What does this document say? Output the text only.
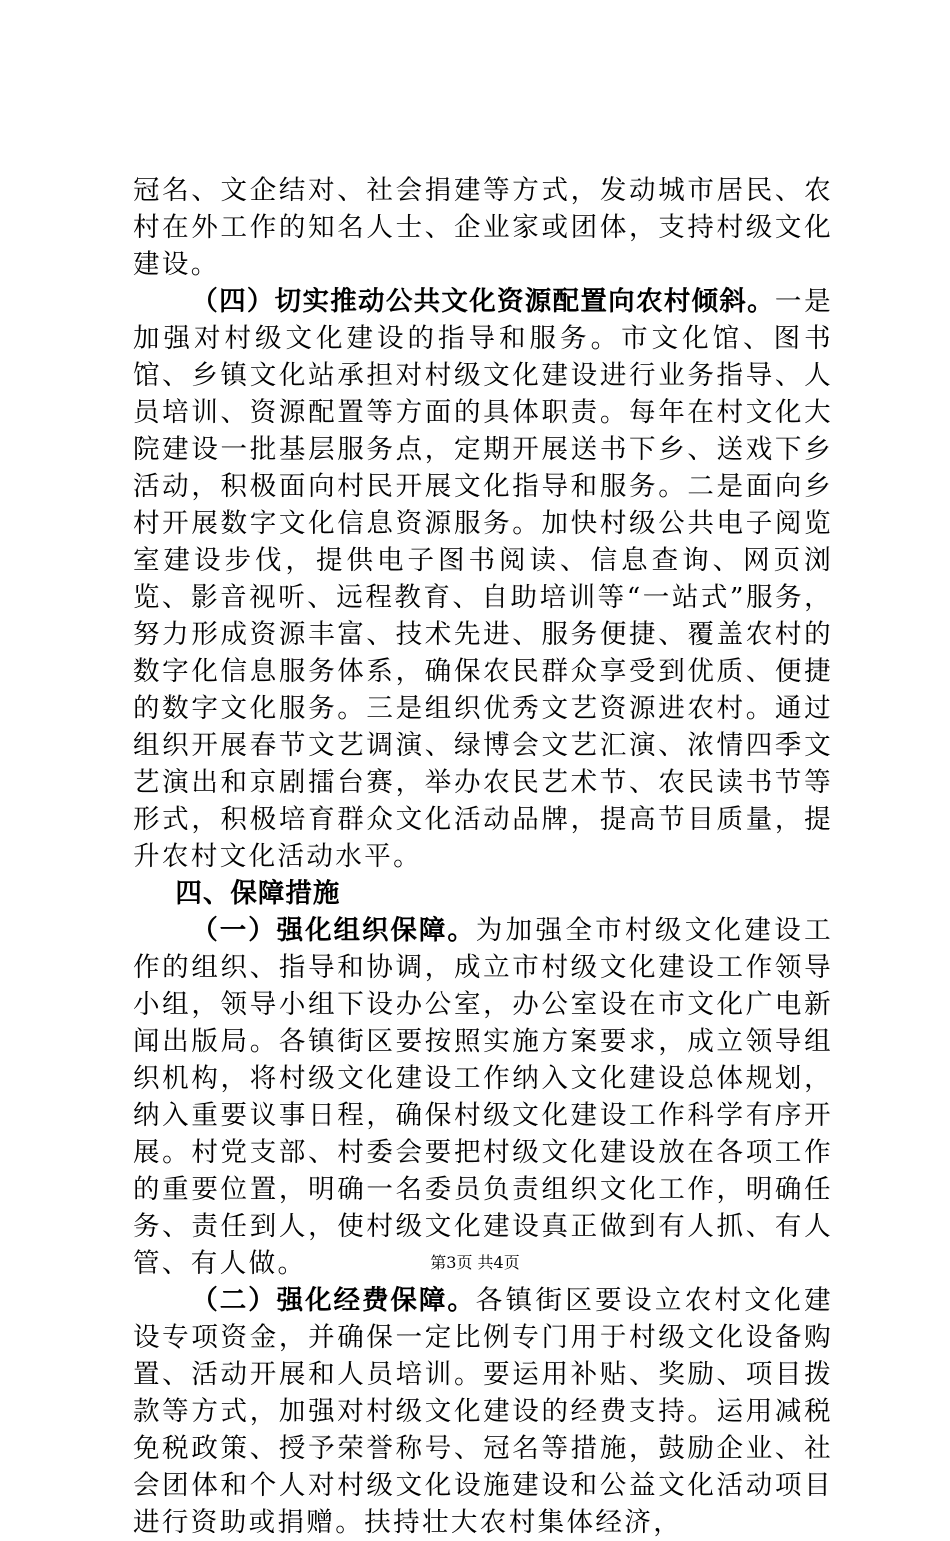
冠名、文企结对、社会捐建等方式，发动城市居民、农村在外工作的知名人士、企业家或团体，支持村级文化建设。

（四）切实推动公共文化资源配置向农村倾斜。一是加强对村级文化建设的指导和服务。市文化馆、图书馆、乡镇文化站承担对村级文化建设进行业务指导、人员培训、资源配置等方面的具体职责。每年在村文化大院建设一批基层服务点，定期开展送书下乡、送戏下乡活动，积极面向村民开展文化指导和服务。二是面向乡村开展数字文化信息资源服务。加快村级公共电子阅览室建设步伐，提供电子图书阅读、信息查询、网页浏览、影音视听、远程教育、自助培训等“一站式”服务，努力形成资源丰富、技术先进、服务便捷、覆盖农村的数字化信息服务体系，确保农民群众享受到优质、便捷的数字文化服务。三是组织优秀文艺资源进农村。通过组织开展春节文艺调演、绿博会文艺汇演、浓情四季文艺演出和京剧擂台赛，举办农民艺术节、农民读书节等形式，积极培育群众文化活动品牌，提高节目质量，提升农村文化活动水平。

四、保障措施

（一）强化组织保障。为加强全市村级文化建设工作的组织、指导和协调，成立市村级文化建设工作领导小组，领导小组下设办公室，办公室设在市文化广电新闻出版局。各镇街区要按照实施方案要求，成立领导组织机构，将村级文化建设工作纳入文化建设总体规划，纳入重要议事日程，确保村级文化建设工作科学有序开展。村党支部、村委会要把村级文化建设放在各项工作的重要位置，明确一名委员负责组织文化工作，明确任务、责任到人，使村级文化建设真正做到有人抓、有人管、有人做。

（二）强化经费保障。各镇街区要设立农村文化建设专项资金，并确保一定比例专门用于村级文化设备购置、活动开展和人员培训。要运用补贴、奖励、项目拨款等方式，加强对村级文化建设的经费支持。运用减税免税政策、授予荣誉称号、冠名等措施，鼓励企业、社会团体和个人对村级文化设施建设和公益文化活动项目进行资助或捐赠。扶持壮大农村集体经济，

第3页 共4页
